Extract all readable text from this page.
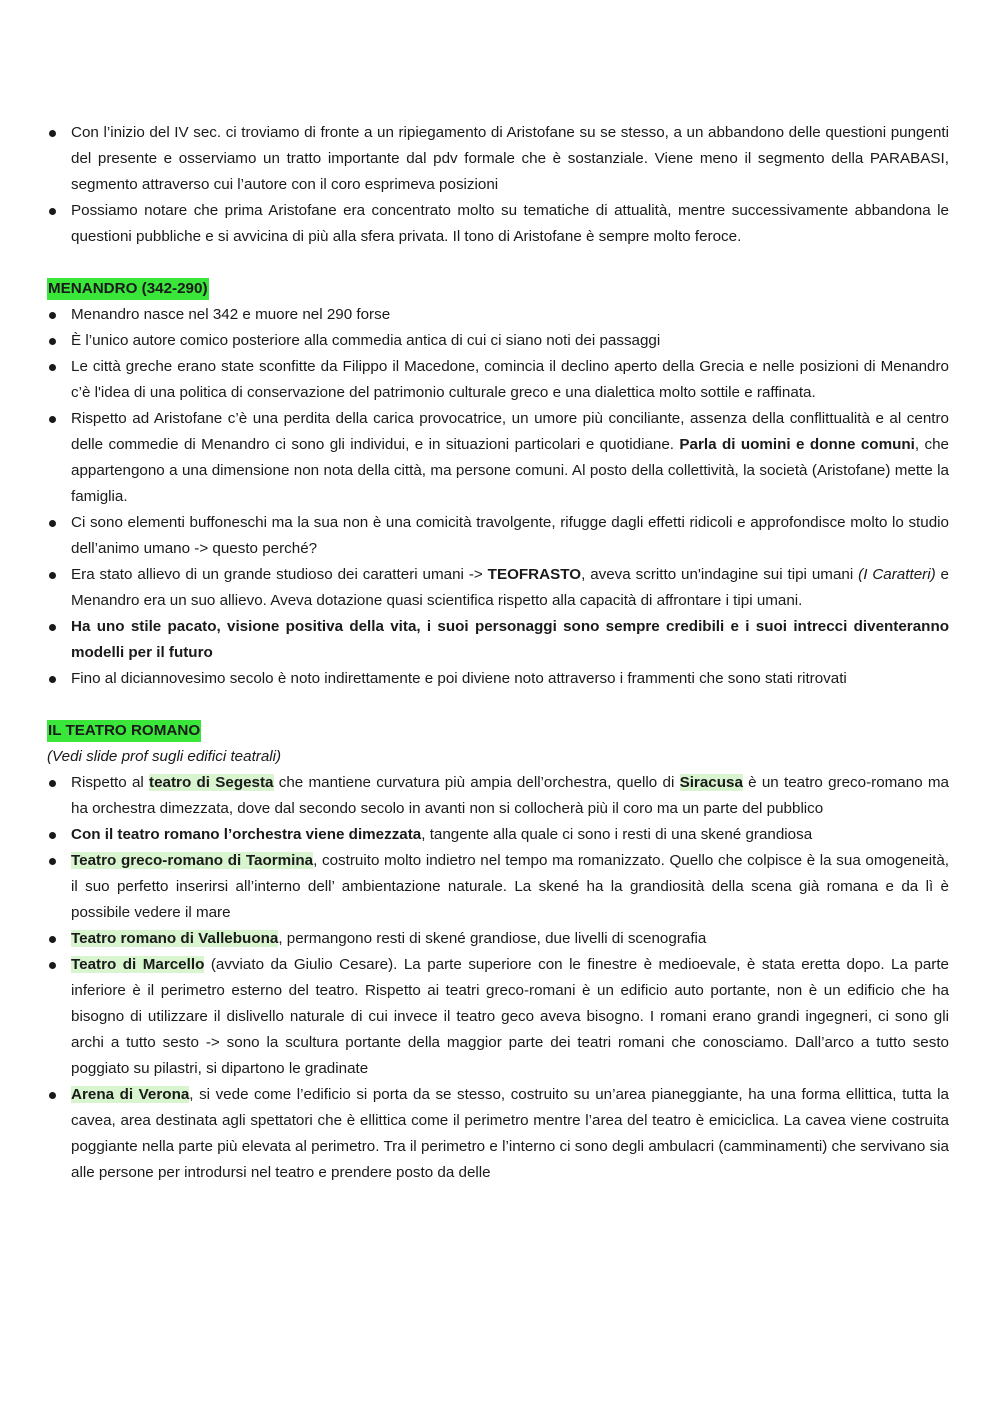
Con l’inizio del IV sec. ci troviamo di fronte a un ripiegamento di Aristofane su se stesso, a un abbandono delle questioni pungenti del presente e osserviamo un tratto importante dal pdv formale che è sostanziale. Viene meno il segmento della PARABASI, segmento attraverso cui l’autore con il coro esprimeva posizioni
Possiamo notare che prima Aristofane era concentrato molto su tematiche di attualità, mentre successivamente abbandona le questioni pubbliche e si avvicina di più alla sfera privata. Il tono di Aristofane è sempre molto feroce.
MENANDRO (342-290)
Menandro nasce nel 342 e muore nel 290 forse
È l’unico autore comico posteriore alla commedia antica di cui ci siano noti dei passaggi
Le città greche erano state sconfitte da Filippo il Macedone, comincia il declino aperto della Grecia e nelle posizioni di Menandro c’è l'idea di una politica di conservazione del patrimonio culturale greco e una dialettica molto sottile e raffinata.
Rispetto ad Aristofane c’è una perdita della carica provocatrice, un umore più conciliante, assenza della conflittualità e al centro delle commedie di Menandro ci sono gli individui, e in situazioni particolari e quotidiane. Parla di uomini e donne comuni, che appartengono a una dimensione non nota della città, ma persone comuni. Al posto della collettività, la società (Aristofane) mette la famiglia.
Ci sono elementi buffoneschi ma la sua non è una comicità travolgente, rifugge dagli effetti ridicoli e approfondisce molto lo studio dell’animo umano -> questo perché?
Era stato allievo di un grande studioso dei caratteri umani -> TEOFRASTO, aveva scritto un'indagine sui tipi umani (I Caratteri) e Menandro era un suo allievo. Aveva dotazione quasi scientifica rispetto alla capacità di affrontare i tipi umani.
Ha uno stile pacato, visione positiva della vita, i suoi personaggi sono sempre credibili e i suoi intrecci diventeranno modelli per il futuro
Fino al diciannovesimo secolo è noto indirettamente e poi diviene noto attraverso i frammenti che sono stati ritrovati
IL TEATRO ROMANO
(Vedi slide prof sugli edifici teatrali)
Rispetto al teatro di Segesta che mantiene curvatura più ampia dell’orchestra, quello di Siracusa è un teatro greco-romano ma ha orchestra dimezzata, dove dal secondo secolo in avanti non si collocherà più il coro ma un parte del pubblico
Con il teatro romano l’orchestra viene dimezzata, tangente alla quale ci sono i resti di una skené grandiosa
Teatro greco-romano di Taormina, costruito molto indietro nel tempo ma romanizzato. Quello che colpisce è la sua omogeneità, il suo perfetto inserirsi all’interno dell’ ambientazione naturale. La skené ha la grandiosità della scena già romana e da lì è possibile vedere il mare
Teatro romano di Vallebuona, permangono resti di skené grandiose, due livelli di scenografia
Teatro di Marcello (avviato da Giulio Cesare). La parte superiore con le finestre è medioevale, è stata eretta dopo. La parte inferiore è il perimetro esterno del teatro. Rispetto ai teatri greco-romani è un edificio auto portante, non è un edificio che ha bisogno di utilizzare il dislivello naturale di cui invece il teatro geco aveva bisogno. I romani erano grandi ingegneri, ci sono gli archi a tutto sesto -> sono la scultura portante della maggior parte dei teatri romani che conosciamo. Dall’arco a tutto sesto poggiato su pilastri, si dipartono le gradinate
Arena di Verona, si vede come l’edificio si porta da se stesso, costruito su un’area pianeggiante, ha una forma ellittica, tutta la cavea, area destinata agli spettatori che è ellittica come il perimetro mentre l’area del teatro è emiciclica. La cavea viene costruita poggiante nella parte più elevata al perimetro. Tra il perimetro e l’interno ci sono degli ambulacri (camminamenti) che servivano sia alle persone per introdursi nel teatro e prendere posto da delle
